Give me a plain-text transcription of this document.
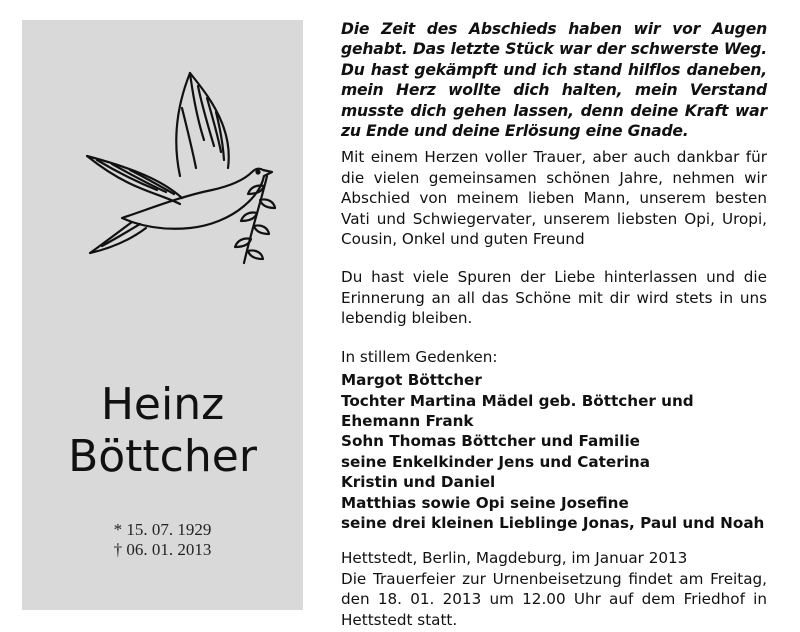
Heinz
Böttcher
* 15. 07. 1929
† 06. 01. 2013

Die Zeit des Abschieds haben wir vor Augen gehabt. Das letzte Stück war der schwerste Weg. Du hast gekämpft und ich stand hilflos daneben, mein Herz wollte dich halten, mein Verstand musste dich gehen lassen, denn deine Kraft war zu Ende und deine Erlösung eine Gnade.

Mit einem Herzen voller Trauer, aber auch dankbar für die vielen gemeinsamen schönen Jahre, nehmen wir Abschied von meinem lieben Mann, unserem besten Vati und Schwiegervater, unserem liebsten Opi, Uropi, Cousin, Onkel und guten Freund

Du hast viele Spuren der Liebe hinterlassen und die Erinnerung an all das Schöne mit dir wird stets in uns lebendig bleiben.

In stillem Gedenken:

Margot Böttcher
Tochter Martina Mädel geb. Böttcher und
Ehemann Frank
Sohn Thomas Böttcher und Familie
seine Enkelkinder Jens und Caterina
Kristin und Daniel
Matthias sowie Opi seine Josefine
seine drei kleinen Lieblinge Jonas, Paul und Noah

Hettstedt, Berlin, Magdeburg, im Januar 2013

Die Trauerfeier zur Urnenbeisetzung findet am Freitag, den 18. 01. 2013 um 12.00 Uhr auf dem Friedhof in Hettstedt statt.
